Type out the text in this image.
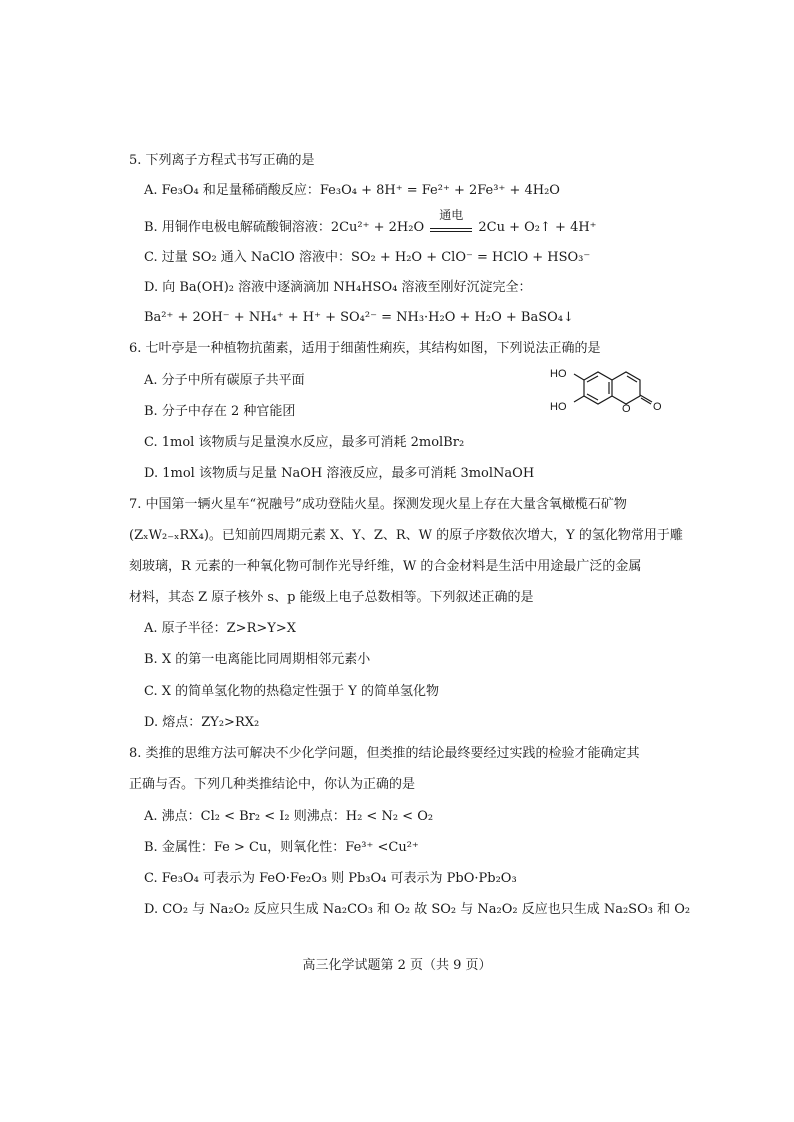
5. 下列离子方程式书写正确的是
A. Fe₃O₄ 和足量稀硝酸反应：Fe₃O₄ + 8H⁺ = Fe²⁺ + 2Fe³⁺ + 4H₂O
B. 用铜作电极电解硫酸铜溶液：2Cu²⁺ + 2H₂O
通电
2Cu + O₂↑ + 4H⁺
C. 过量 SO₂ 通入 NaClO 溶液中：SO₂ + H₂O + ClO⁻ = HClO + HSO₃⁻
D. 向 Ba(OH)₂ 溶液中逐滴滴加 NH₄HSO₄ 溶液至刚好沉淀完全：
Ba²⁺ + 2OH⁻ + NH₄⁺ + H⁺ + SO₄²⁻ = NH₃·H₂O + H₂O + BaSO₄↓
6. 七叶亭是一种植物抗菌素，适用于细菌性痢疾，其结构如图，下列说法正确的是
A. 分子中所有碳原子共平面
B. 分子中存在 2 种官能团
C. 1mol 该物质与足量溴水反应，最多可消耗 2molBr₂
D. 1mol 该物质与足量 NaOH 溶液反应，最多可消耗 3molNaOH
HO
HO	O O
7. 中国第一辆火星车“祝融号”成功登陆火星。探测发现火星上存在大量含氧橄榄石矿物
(ZₓW₂₋ₓRX₄)。已知前四周期元素 X、Y、Z、R、W 的原子序数依次增大，Y 的氢化物常用于雕
刻玻璃，R 元素的一种氧化物可制作光导纤维，W 的合金材料是生活中用途最广泛的金属
材料，其态 Z 原子核外 s、p 能级上电子总数相等。下列叙述正确的是
A. 原子半径：Z>R>Y>X
B. X 的第一电离能比同周期相邻元素小
C. X 的简单氢化物的热稳定性强于 Y 的简单氢化物
D. 熔点：ZY₂>RX₂
8. 类推的思维方法可解决不少化学问题，但类推的结论最终要经过实践的检验才能确定其
正确与否。下列几种类推结论中，你认为正确的是
A. 沸点：Cl₂ < Br₂ < I₂ 则沸点：H₂ < N₂ < O₂
B. 金属性：Fe > Cu，则氧化性：Fe³⁺ <Cu²⁺
C. Fe₃O₄ 可表示为 FeO·Fe₂O₃ 则 Pb₃O₄ 可表示为 PbO·Pb₂O₃
D. CO₂ 与 Na₂O₂ 反应只生成 Na₂CO₃ 和 O₂ 故 SO₂ 与 Na₂O₂ 反应也只生成 Na₂SO₃ 和 O₂
高三化学试题第 2 页（共 9 页）
